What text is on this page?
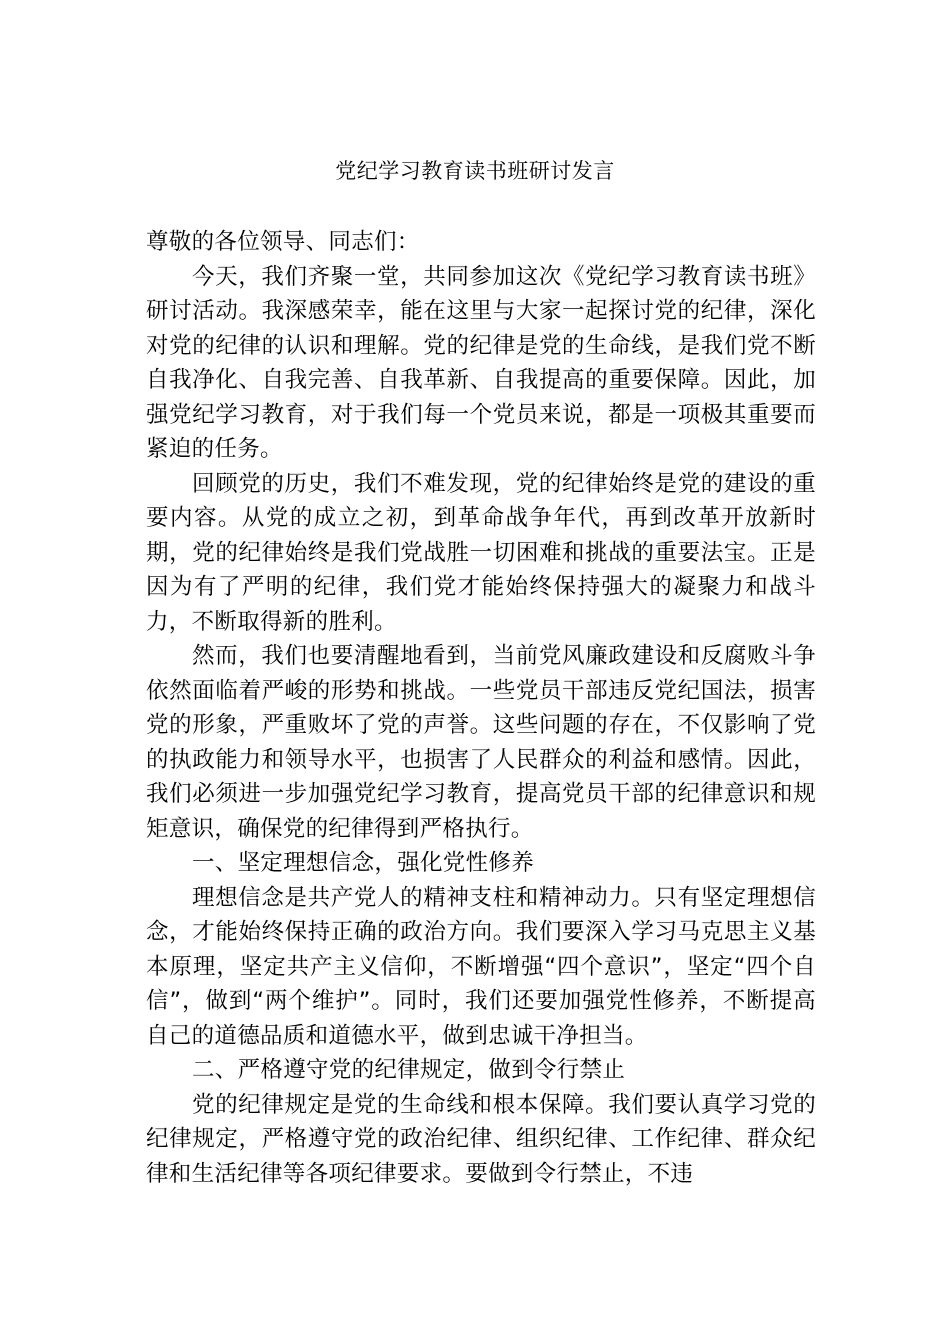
党纪学习教育读书班研讨发言

尊敬的各位领导、同志们：

今天，我们齐聚一堂，共同参加这次《党纪学习教育读书班》研讨活动。我深感荣幸，能在这里与大家一起探讨党的纪律，深化对党的纪律的认识和理解。党的纪律是党的生命线，是我们党不断自我净化、自我完善、自我革新、自我提高的重要保障。因此，加强党纪学习教育，对于我们每一个党员来说，都是一项极其重要而紧迫的任务。

回顾党的历史，我们不难发现，党的纪律始终是党的建设的重要内容。从党的成立之初，到革命战争年代，再到改革开放新时期，党的纪律始终是我们党战胜一切困难和挑战的重要法宝。正是因为有了严明的纪律，我们党才能始终保持强大的凝聚力和战斗力，不断取得新的胜利。

然而，我们也要清醒地看到，当前党风廉政建设和反腐败斗争依然面临着严峻的形势和挑战。一些党员干部违反党纪国法，损害党的形象，严重败坏了党的声誉。这些问题的存在，不仅影响了党的执政能力和领导水平，也损害了人民群众的利益和感情。因此，我们必须进一步加强党纪学习教育，提高党员干部的纪律意识和规矩意识，确保党的纪律得到严格执行。

一、坚定理想信念，强化党性修养

理想信念是共产党人的精神支柱和精神动力。只有坚定理想信念，才能始终保持正确的政治方向。我们要深入学习马克思主义基本原理，坚定共产主义信仰，不断增强“四个意识”，坚定“四个自信”，做到“两个维护”。同时，我们还要加强党性修养，不断提高自己的道德品质和道德水平，做到忠诚干净担当。

二、严格遵守党的纪律规定，做到令行禁止

党的纪律规定是党的生命线和根本保障。我们要认真学习党的纪律规定，严格遵守党的政治纪律、组织纪律、工作纪律、群众纪律和生活纪律等各项纪律要求。要做到令行禁止，不违
